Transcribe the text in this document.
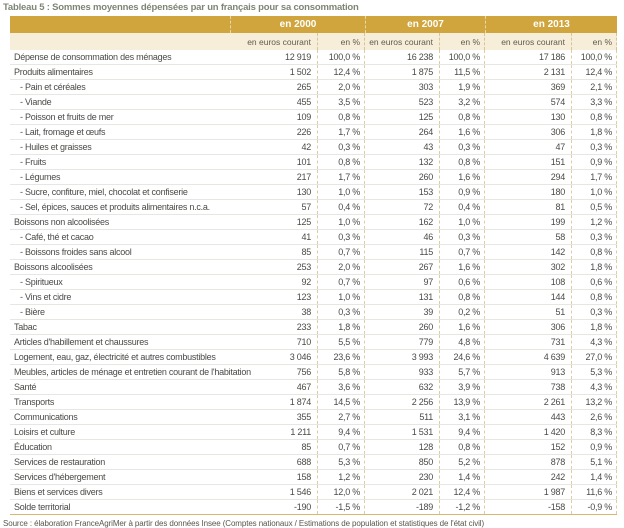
Tableau 5 : Sommes moyennes dépensées par un français pour sa consommation
en 2000	en 2007	en 2013
en euros courant	en %	en euros courant	en %	en euros courant	en %
Dépense de consommation des ménages	12 919	100,0 %	16 238	100,0 %	17 186	100,0 %
Produits alimentaires	1 502	12,4 %	1 875	11,5 %	2 131	12,4 %
- Pain et céréales	265	2,0 %	303	1,9 %	369	2,1 %
- Viande	455	3,5 %	523	3,2 %	574	3,3 %
- Poisson et fruits de mer	109	0,8 %	125	0,8 %	130	0,8 %
- Lait, fromage et œufs	226	1,7 %	264	1,6 %	306	1,8 %
- Huiles et graisses	42	0,3 %	43	0,3 %	47	0,3 %
- Fruits	101	0,8 %	132	0,8 %	151	0,9 %
- Légumes	217	1,7 %	260	1,6 %	294	1,7 %
- Sucre, confiture, miel, chocolat et confiserie	130	1,0 %	153	0,9 %	180	1,0 %
- Sel, épices, sauces et produits alimentaires n.c.a.	57	0,4 %	72	0,4 %	81	0,5 %
Boissons non alcoolisées	125	1,0 %	162	1,0 %	199	1,2 %
- Café, thé et cacao	41	0,3 %	46	0,3 %	58	0,3 %
- Boissons froides sans alcool	85	0,7 %	115	0,7 %	142	0,8 %
Boissons alcoolisées	253	2,0 %	267	1,6 %	302	1,8 %
- Spiritueux	92	0,7 %	97	0,6 %	108	0,6 %
- Vins et cidre	123	1,0 %	131	0,8 %	144	0,8 %
- Bière	38	0,3 %	39	0,2 %	51	0,3 %
Tabac	233	1,8 %	260	1,6 %	306	1,8 %
Articles d'habillement et chaussures	710	5,5 %	779	4,8 %	731	4,3 %
Logement, eau, gaz, électricité et autres combustibles	3 046	23,6 %	3 993	24,6 %	4 639	27,0 %
Meubles, articles de ménage et entretien courant de l'habitation	756	5,8 %	933	5,7 %	913	5,3 %
Santé	467	3,6 %	632	3,9 %	738	4,3 %
Transports	1 874	14,5 %	2 256	13,9 %	2 261	13,2 %
Communications	355	2,7 %	511	3,1 %	443	2,6 %
Loisirs et culture	1 211	9,4 %	1 531	9,4 %	1 420	8,3 %
Éducation	85	0,7 %	128	0,8 %	152	0,9 %
Services de restauration	688	5,3 %	850	5,2 %	878	5,1 %
Services d'hébergement	158	1,2 %	230	1,4 %	242	1,4 %
Biens et services divers	1 546	12,0 %	2 021	12,4 %	1 987	11,6 %
Solde territorial	-190	-1,5 %	-189	-1,2 %	-158	-0,9 %
Source : élaboration FranceAgriMer à partir des données Insee (Comptes nationaux / Estimations de population et statistiques de l'état civil)
